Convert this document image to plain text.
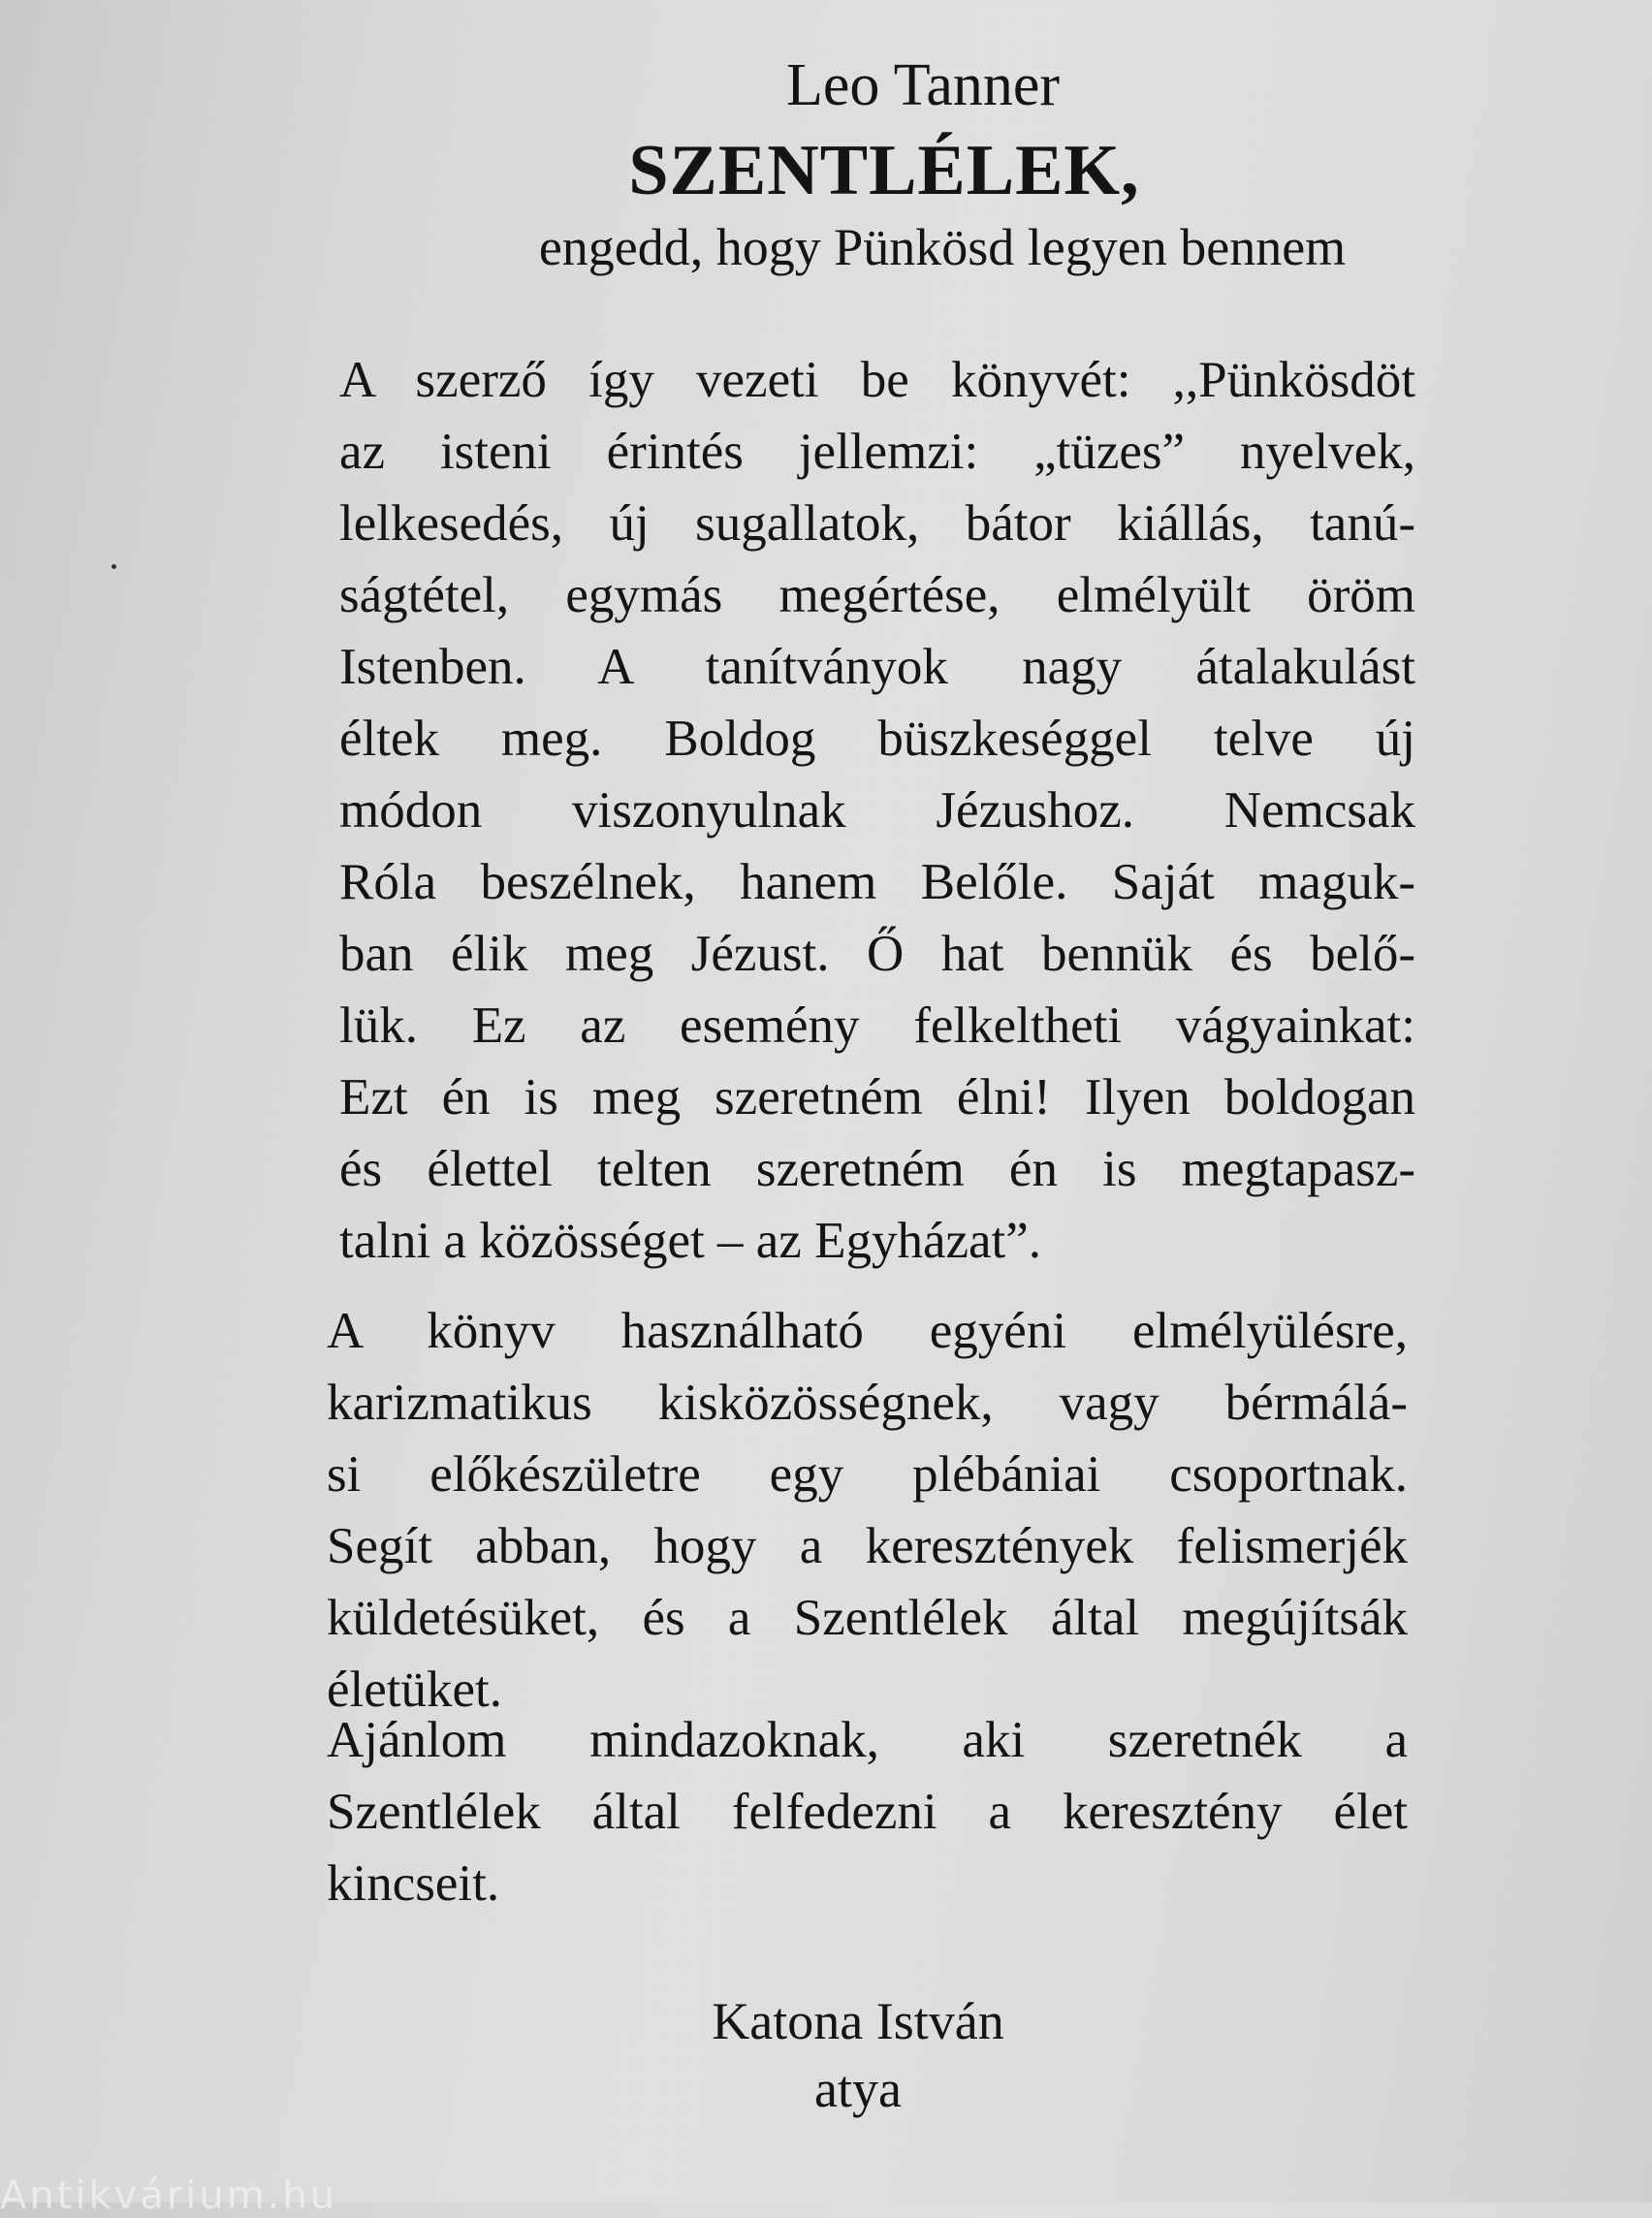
Leo Tanner
SZENTLÉLEK,
engedd, hogy Pünkösd legyen bennem
A szerző így vezeti be könyvét: ,,Pünkösdöt
az isteni érintés jellemzi: „tüzes” nyelvek,
lelkesedés, új sugallatok, bátor kiállás, tanú-
ságtétel, egymás megértése, elmélyült öröm
Istenben. A tanítványok nagy átalakulást
éltek meg. Boldog büszkeséggel telve új
módon viszonyulnak Jézushoz. Nemcsak
Róla beszélnek, hanem Belőle. Saját maguk-
ban élik meg Jézust. Ő hat bennük és belő-
lük. Ez az esemény felkeltheti vágyainkat:
Ezt én is meg szeretném élni! Ilyen boldogan
és élettel telten szeretném én is megtapasz-
talni a közösséget – az Egyházat”.
A könyv használható egyéni elmélyülésre,
karizmatikus kisközösségnek, vagy bérmálá-
si előkészületre egy plébániai csoportnak.
Segít abban, hogy a keresztények felismerjék
küldetésüket, és a Szentlélek által megújítsák
életüket.
Ajánlom mindazoknak, aki szeretnék a
Szentlélek által felfedezni a keresztény élet
kincseit.
Katona István
atya
Antikvárium.hu
